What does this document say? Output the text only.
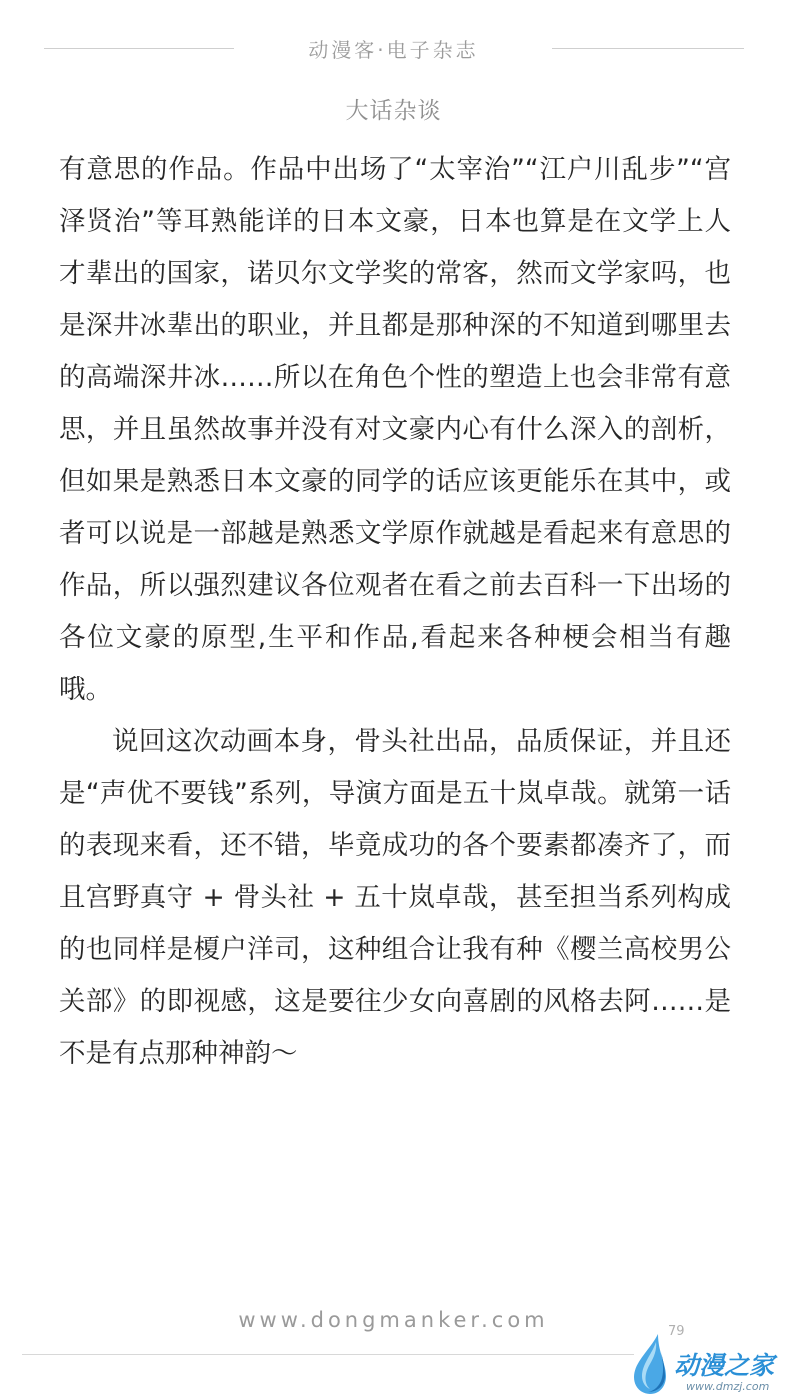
动漫客·电子杂志
大话杂谈

有意思的作品。作品中出场了“太宰治”“江户川乱步”“宫泽贤治”等耳熟能详的日本文豪，日本也算是在文学上人才辈出的国家，诺贝尔文学奖的常客，然而文学家吗，也是深井冰辈出的职业，并且都是那种深的不知道到哪里去的高端深井冰……所以在角色个性的塑造上也会非常有意思，并且虽然故事并没有对文豪内心有什么深入的剖析，但如果是熟悉日本文豪的同学的话应该更能乐在其中，或者可以说是一部越是熟悉文学原作就越是看起来有意思的作品，所以强烈建议各位观者在看之前去百科一下出场的各位文豪的原型,生平和作品,看起来各种梗会相当有趣哦。

说回这次动画本身，骨头社出品，品质保证，并且还是“声优不要钱”系列，导演方面是五十岚卓哉。就第一话的表现来看，还不错，毕竟成功的各个要素都凑齐了，而且宫野真守 + 骨头社 + 五十岚卓哉，甚至担当系列构成的也同样是榎户洋司，这种组合让我有种《樱兰高校男公关部》的即视感，这是要往少女向喜剧的风格去阿……是不是有点那种神韵～

www.dongmanker.com	79
动漫之家
www.dmzj.com
